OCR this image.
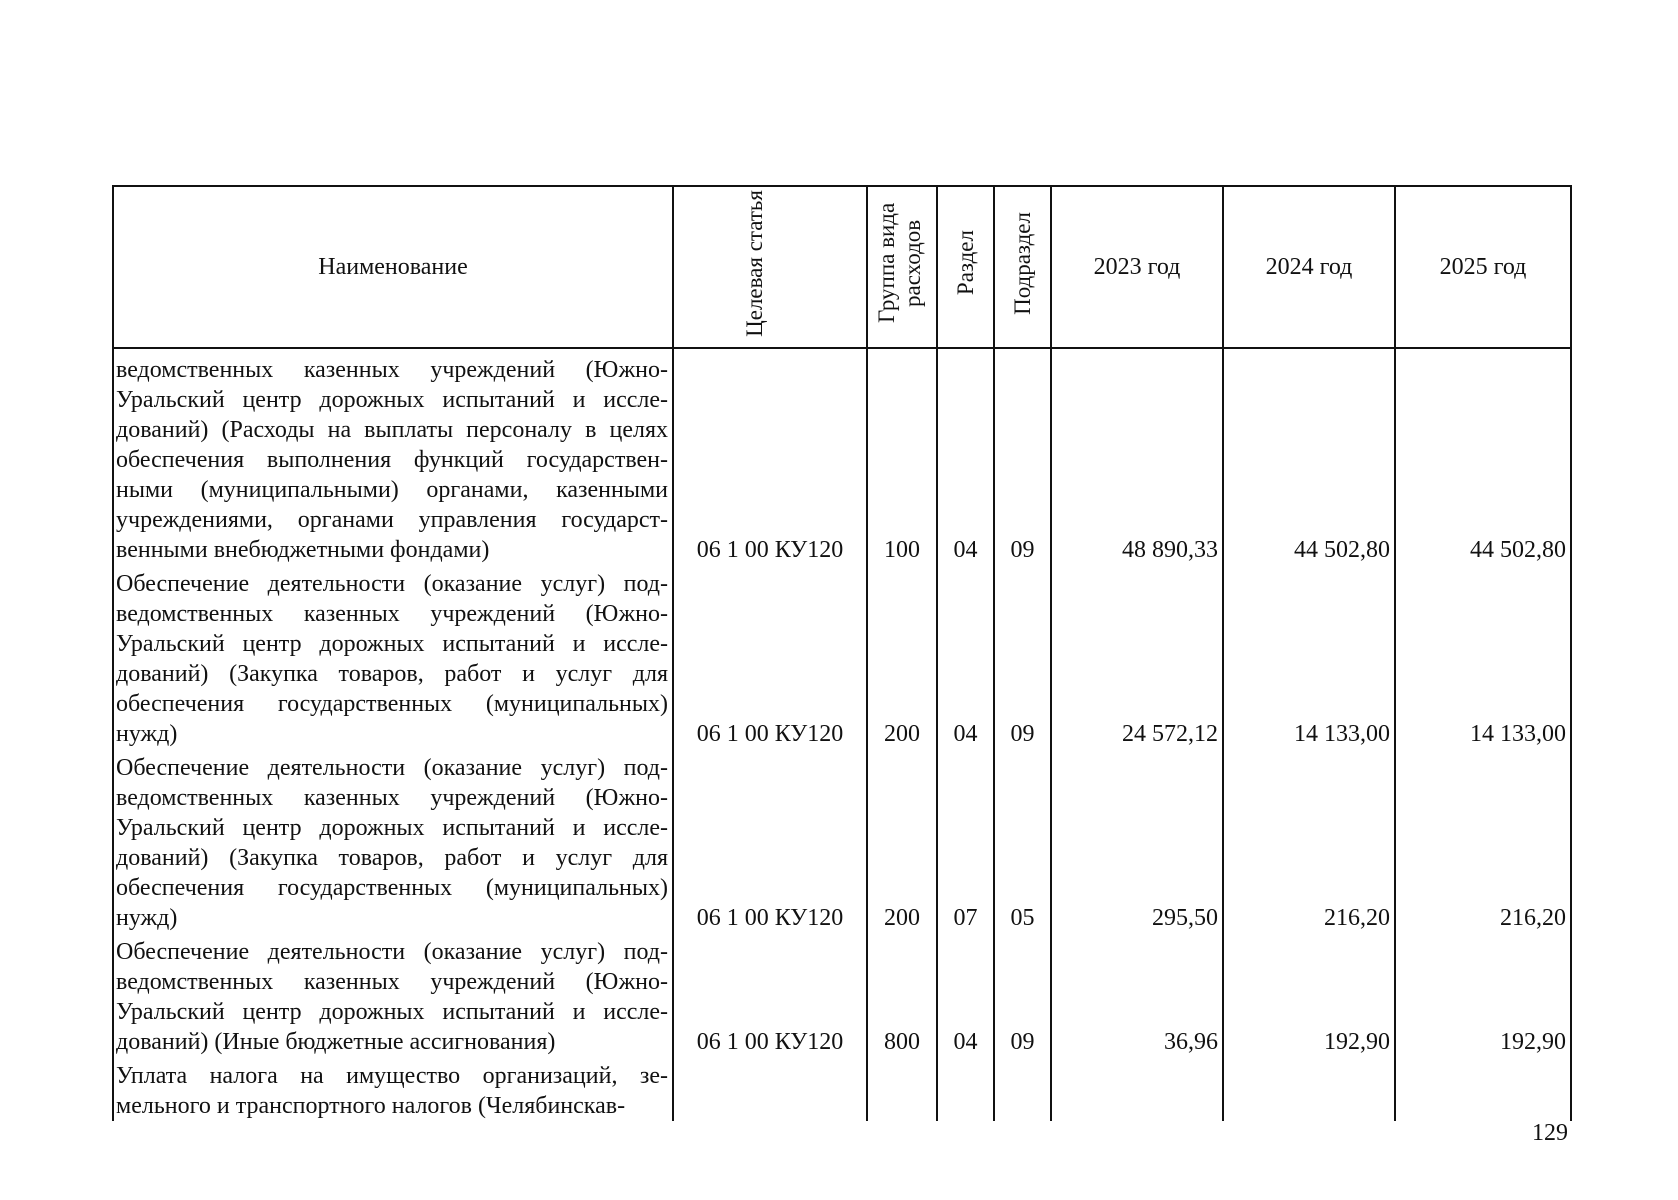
Наименование	Целевая статья	Группа вида расходов	Раздел	Подраздел	2023 год	2024 год	2025 год
ведомственных казенных учреждений (Южно-Уральский центр дорожных испытаний и иссле-дований) (Расходы на выплаты персоналу в целях обеспечения выполнения функций государствен-ными (муниципальными) органами, казенными учреждениями, органами управления государст-венными внебюджетными фондами)	06 1 00 КУ120	100	04	09	48 890,33	44 502,80	44 502,80
Обеспечение деятельности (оказание услуг) под-ведомственных казенных учреждений (Южно-Уральский центр дорожных испытаний и иссле-дований) (Закупка товаров, работ и услуг для обеспечения государственных (муниципальных) нужд)	06 1 00 КУ120	200	04	09	24 572,12	14 133,00	14 133,00
Обеспечение деятельности (оказание услуг) под-ведомственных казенных учреждений (Южно-Уральский центр дорожных испытаний и иссле-дований) (Закупка товаров, работ и услуг для обеспечения государственных (муниципальных) нужд)	06 1 00 КУ120	200	07	05	295,50	216,20	216,20
Обеспечение деятельности (оказание услуг) под-ведомственных казенных учреждений (Южно-Уральский центр дорожных испытаний и иссле-дований) (Иные бюджетные ассигнования)	06 1 00 КУ120	800	04	09	36,96	192,90	192,90
Уплата налога на имущество организаций, зе-мельного и транспортного налогов (Челябинскав-							
129
